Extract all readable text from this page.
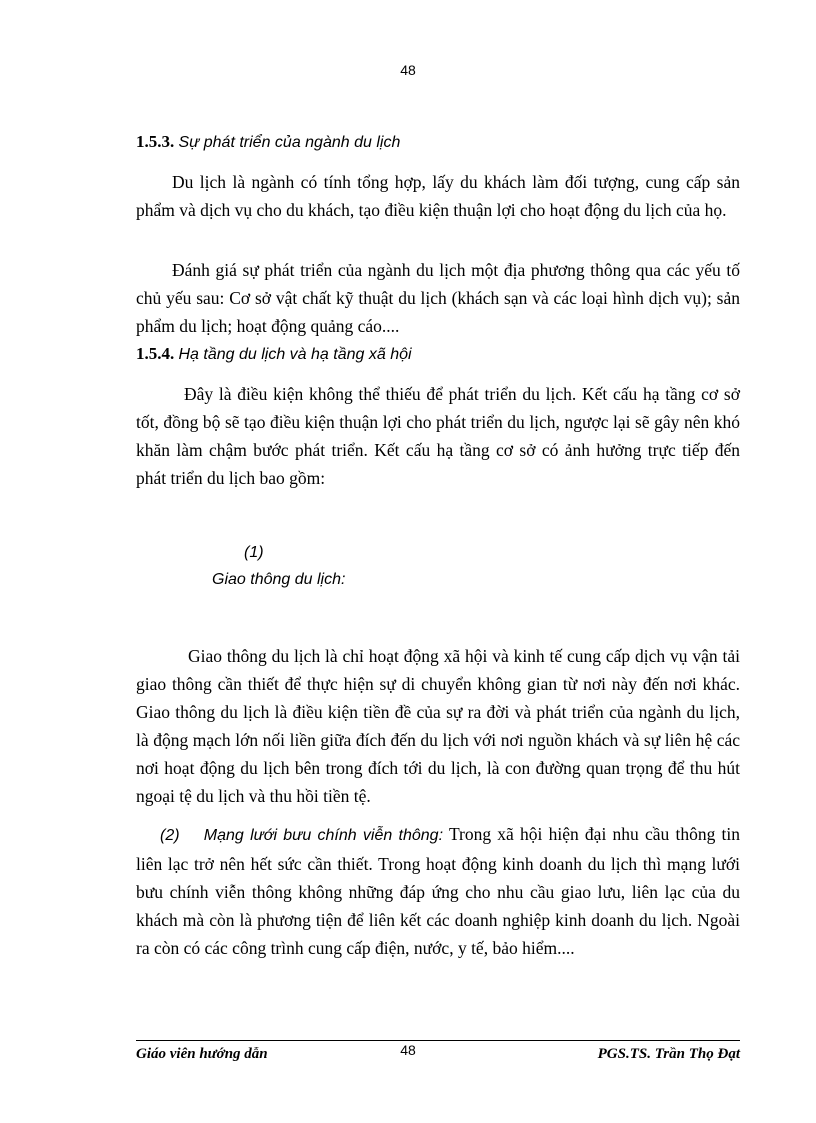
48
1.5.3. Sự phát triển của ngành du lịch
Du lịch là ngành có tính tổng hợp, lấy du khách làm đối tượng, cung cấp sản phẩm và dịch vụ cho du khách, tạo điều kiện thuận lợi cho hoạt động du lịch của họ.
Đánh giá sự phát triển của ngành du lịch một địa phương thông qua các yếu tố chủ yếu sau: Cơ sở vật chất kỹ thuật du lịch (khách sạn và các loại hình dịch vụ); sản phẩm du lịch; hoạt động quảng cáo....
1.5.4. Hạ tầng du lịch và hạ tầng xã hội
Đây là điều kiện không thể thiếu để phát triển du lịch. Kết cấu hạ tầng cơ sở tốt, đồng bộ sẽ tạo điều kiện thuận lợi cho phát triển du lịch, ngược lại sẽ gây nên khó khăn làm chậm bước phát triển. Kết cấu hạ tầng cơ sở có ảnh hưởng trực tiếp đến phát triển du lịch bao gồm:
(1)
Giao thông du lịch:
Giao thông du lịch là chỉ hoạt động xã hội và kinh tế cung cấp dịch vụ vận tải giao thông cần thiết để thực hiện sự di chuyển không gian từ nơi này đến nơi khác. Giao thông du lịch là điều kiện tiền đề của sự ra đời và phát triển của ngành du lịch, là động mạch lớn nối liền giữa đích đến du lịch với nơi nguồn khách và sự liên hệ các nơi hoạt động du lịch bên trong đích tới du lịch, là con đường quan trọng để thu hút ngoại tệ du lịch và thu hồi tiền tệ.
(2) Mạng lưới bưu chính viễn thông: Trong xã hội hiện đại nhu cầu thông tin liên lạc trở nên hết sức cần thiết. Trong hoạt động kinh doanh du lịch thì mạng lưới bưu chính viễn thông không những đáp ứng cho nhu cầu giao lưu, liên lạc của du khách mà còn là phương tiện để liên kết các doanh nghiệp kinh doanh du lịch. Ngoài ra còn có các công trình cung cấp điện, nước, y tế, bảo hiểm....
Giáo viên hướng dẫn	48	PGS.TS. Trần Thọ Đạt
